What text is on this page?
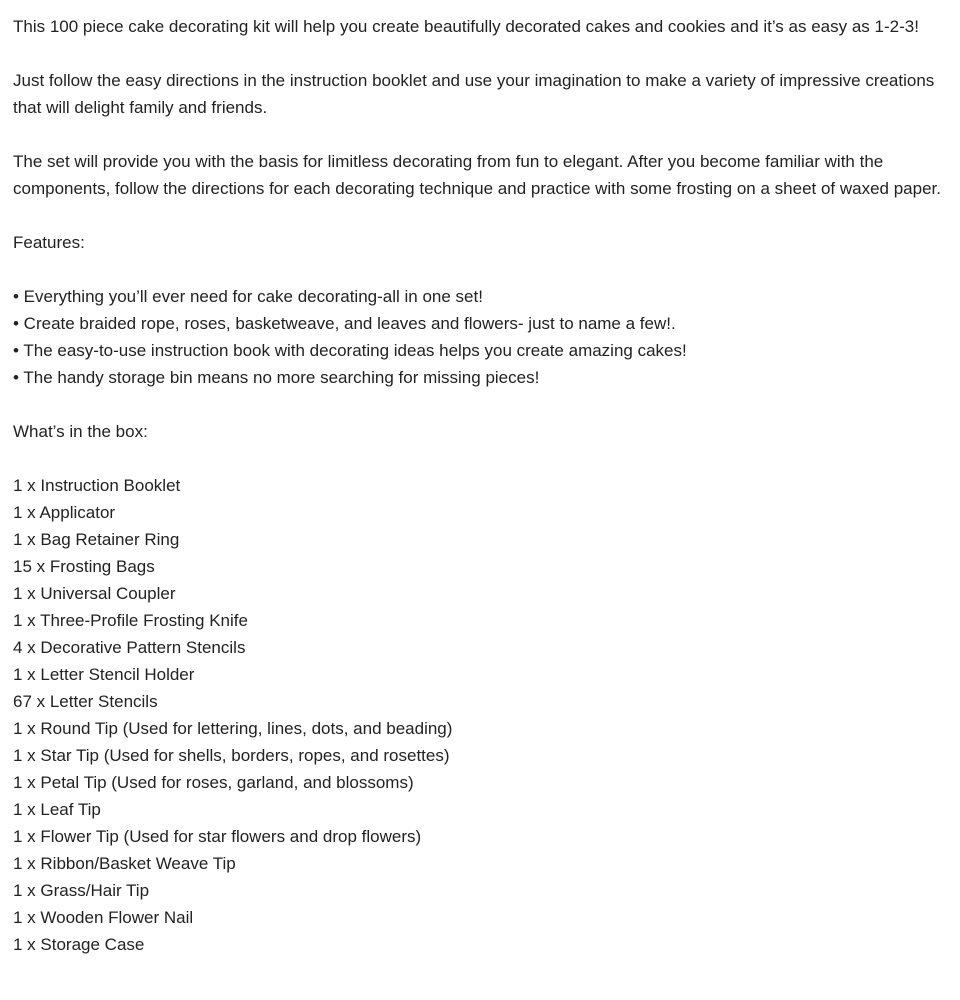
This 100 piece cake decorating kit will help you create beautifully decorated cakes and cookies and it’s as easy as 1-2-3!

Just follow the easy directions in the instruction booklet and use your imagination to make a variety of impressive creations that will delight family and friends.

The set will provide you with the basis for limitless decorating from fun to elegant. After you become familiar with the components, follow the directions for each decorating technique and practice with some frosting on a sheet of waxed paper.

Features:

• Everything you’ll ever need for cake decorating-all in one set!
• Create braided rope, roses, basketweave, and leaves and flowers- just to name a few!.
• The easy-to-use instruction book with decorating ideas helps you create amazing cakes!
• The handy storage bin means no more searching for missing pieces!

What’s in the box:

1 x Instruction Booklet
1 x Applicator
1 x Bag Retainer Ring
15 x Frosting Bags
1 x Universal Coupler
1 x Three-Profile Frosting Knife
4 x Decorative Pattern Stencils
1 x Letter Stencil Holder
67 x Letter Stencils
1 x Round Tip (Used for lettering, lines, dots, and beading)
1 x Star Tip (Used for shells, borders, ropes, and rosettes)
1 x Petal Tip (Used for roses, garland, and blossoms)
1 x Leaf Tip
1 x Flower Tip (Used for star flowers and drop flowers)
1 x Ribbon/Basket Weave Tip
1 x Grass/Hair Tip
1 x Wooden Flower Nail
1 x Storage Case
